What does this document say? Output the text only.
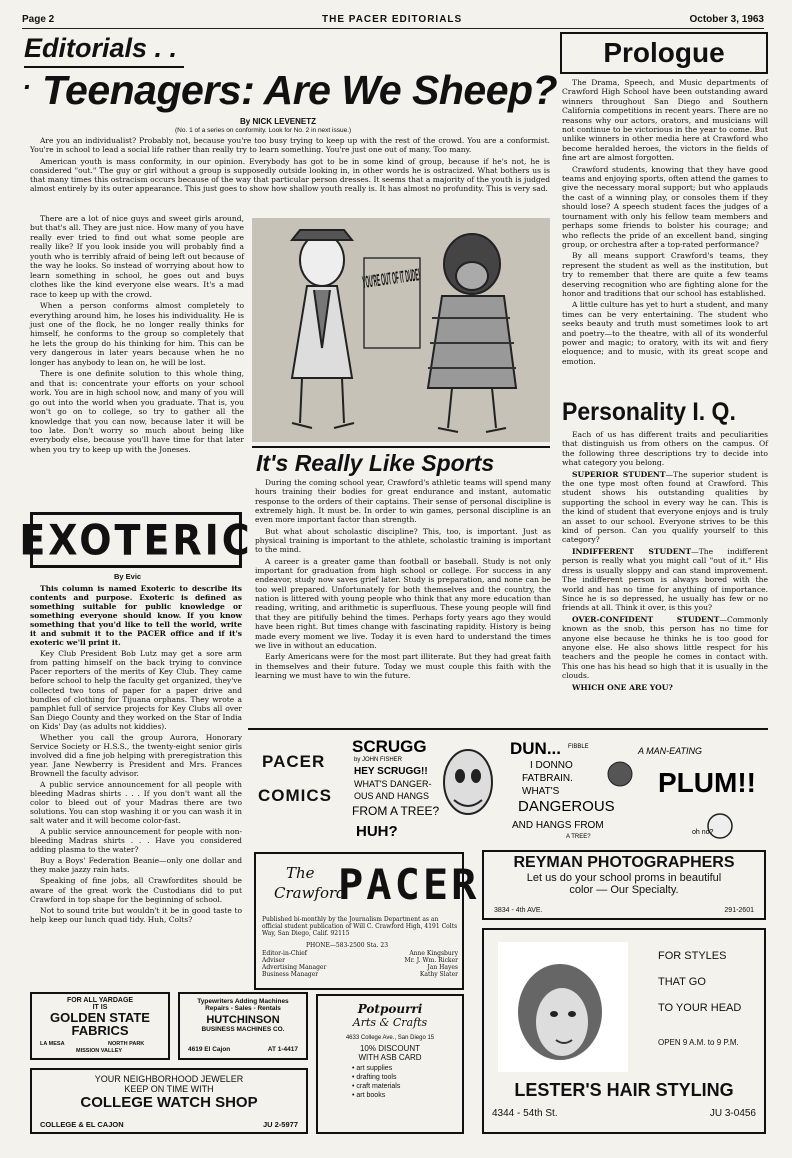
Page 2	THE PACER EDITORIALS	October 3, 1963
Editorials . . . Teenagers: Are We Sheep?
By NICK LEVENETZ
(No. 1 of a series on conformity. Look for No. 2 in next issue.)

Are you an individualist? Probably not, because you're too busy trying to keep up with the rest of the crowd. You are a conformist. You're in school to lead a social life rather than really try to learn something. You're just one out of many. Too many.

American youth is mass conformity, in our opinion. Everybody has got to be in some kind of group, because if he's not, he is considered "out." The guy or girl without a group is supposedly outside looking in, in other words he is ostracized. What bothers us is that many times this ostracism occurs because of the way that particular person dresses. It seems that a majority of the youth is judged almost entirely by its outer appearance. This just goes to show how shallow youth really is. It has almost no profundity. This is very sad.

There are a lot of nice guys and sweet girls around, but that's all. They are just nice. How many of you have really ever tried to find out what some people are really like? If you look inside you will probably find a youth who is terribly afraid of being left out because of the way he looks. So instead of worrying about how to learn something in school, he goes out and buys clothes like the kind everyone else wears. It's a mad race to keep up with the crowd.

When a person conforms almost completely to everything around him, he loses his individuality. He is just one of the flock, he no longer really thinks for himself, he conforms to the group so completely that he lets the group do his thinking for him. This can be very dangerous in later years because when he no longer has anybody to lean on, he will be lost.

There is one definite solution to this whole thing, and that is: concentrate your efforts on your school work. You are in high school now, and many of you will go out into the world when you graduate. That is, you won't go on to college, so try to gather all the knowledge that you can now, because later it will be too late. Don't worry so much about being like everybody else, because you'll have time for that later when you try to keep up with the Joneses.

EXOTERIC
By Evic

This column is named Exoteric to describe its contents and purpose. Exoteric is defined as something suitable for public knowledge or something everyone should know. If you know something that you'd like to tell the world, write it and submit it to the PACER office and if it's exoteric we'll print it.

Key Club President Bob Lutz may get a sore arm from patting himself on the back trying to convince Pacer reporters of the merits of Key Club. They came before school to help the faculty get organized, they've collected two tons of paper for a paper drive and bundles of clothing for Tijuana orphans. They wrote a pamphlet full of service projects for Key Clubs all over San Diego County and they worked on the Star of India on Kids' Day (as adults not kiddies).

Whether you call the group Aurora, Honorary Service Society or H.S.S., the twenty-eight senior girls involved did a fine job helping with preregistration this year. Jane Newberry is President and Mrs. Frances Brownell the faculty advisor.

A public service announcement for all people with bleeding Madras shirts . . . If you don't want all the color to bleed out of your Madras there are two solutions. You can stop washing it or you can wash it in salt water and it will become color-fast.

A public service announcement for people with non-bleeding Madras shirts . . . Have you considered adding plasma to the water?

Buy a Boys' Federation Beanie—only one dollar and they make jazzy rain hats.

Speaking of fine jobs, all Crawfordites should be aware of the great work the Custodians did to put Crawford in top shape for the beginning of school.

Not to sound trite but wouldn't it be in good taste to help keep our lunch quad tidy. Huh, Colts?

It's Really Like Sports

During the coming school year, Crawford's athletic teams will spend many hours training their bodies for great endurance and instant, automatic response to the orders of their captains. Their sense of personal discipline is extremely high. It must be. In order to win games, personal discipline is an even more important factor than strength.

But what about scholastic discipline? This, too, is important. Just as physical training is important to the athlete, scholastic training is important to the mind.

A career is a greater game than football or baseball. Study is not only important for graduation from high school or college. For success in any endeavor, study now saves grief later. Study is preparation, and none can be too well prepared. Unfortunately for both themselves and the country, the nation is littered with young people who think that any more education than reading, writing, and arithmetic is superfluous. These young people will find that they are pitifully behind the times. Perhaps forty years ago they would have been right. But times change with fascinating rapidity. History is being made every moment we live. Today it is even hard to understand the times we live in without an education.

Early Americans were for the most part illiterate. But they had great faith in themselves and their future. Today we must couple this faith with the learning we must have to win the future.

Prologue

The Drama, Speech, and Music departments of Crawford High School have been outstanding award winners throughout San Diego and Southern California competitions in recent years. There are no reasons why our actors, orators, and musicians will not continue to be victorious in the year to come. But unlike winners in other media here at Crawford who become heralded heroes, the victors in the fields of fine art are almost forgotten.

Crawford students, knowing that they have good teams and enjoying sports, often attend the games to give the necessary moral support; but who applauds the cast of a winning play, or consoles them if they should lose? A speech student faces the judges of a tournament with only his fellow team members and perhaps some friends to bolster his courage; and who reflects the pride of an excellent band, singing group, or orchestra after a top-rated performance?

By all means support Crawford's teams, they represent the student as well as the institution, but try to remember that there are quite a few teams deserving recognition who are fighting alone for the honor and traditions that our school has established.

A little culture has yet to hurt a student, and many times can be very entertaining. The student who seeks beauty and truth must sometimes look to art and poetry—to the theatre, with all of its wonderful power and magic; to oratory, with its wit and fiery eloquence; and to music, with its great scope and emotion.

Personality I. Q.

Each of us has different traits and peculiarities that distinguish us from others on the campus. Of the following three descriptions try to decide into what category you belong.

SUPERIOR STUDENT—The superior student is the one type most often found at Crawford. This student shows his outstanding qualities by supporting the school in every way he can. This is the kind of student that everyone enjoys and is truly an asset to our school. Everyone strives to be this kind of person. Can you qualify yourself to this category?

INDIFFERENT STUDENT—The indifferent person is really what you might call "out of it." His dress is usually sloppy and can stand improvement. The indifferent person is always bored with the world and has no time for anything of importance. Since he is so depressed, he usually has few or no friends at all. Think it over, is this you?

OVER-CONFIDENT STUDENT—Commonly known as the snob, this person has no time for anyone else because he thinks he is too good for anyone else. He also shows little respect for his teachers and the people he comes in contact with. This one has his head so high that it is usually in the clouds.

WHICH ONE ARE YOU?

PACER
COMICS
SCRUGG
by JOHN FISHER
HEY SCRUGG!!
WHAT'S DANGER-
OUS AND HANGS
FROM A TREE?
HUH?
DUN... FIBBLE
I DONNO
FATBRAIN.
WHAT'S
DANGEROUS
AND HANGS FROM
A TREE?
A MAN-EATING
PLUM!!
oh no?
The
Crawford
PACER
Published bi-monthly by the Journalism Department as an official student publication of Will C. Crawford High, 4191 Colts Way, San Diego, Calif. 92115
PHONE—583-2500 Sta. 23
Editor-in-Chief	Anne Kingsbury
Adviser	Mr. J. Wm. Ricker
Advertising Manager	Jan Hayes
Business Manager	Kathy Slater

REYMAN PHOTOGRAPHERS

Let us do your school proms in beautiful

color — Our Specialty.

3834 - 4th AVE.	291-2601

FOR STYLES

THAT GO

TO YOUR HEAD

OPEN 9 A.M. to 9 P.M.

LESTER'S HAIR STYLING

4344 - 54th St.	JU 3-0456

FOR ALL YARDAGE

IT IS

GOLDEN STATE

FABRICS

LA MESA	NORTH PARK
MISSION VALLEY

Typewriters Adding Machines

Repairs - Sales - Rentals

HUTCHINSON

BUSINESS MACHINES CO.

4619 El Cajon	AT 1-4417

Potpourri

Arts & Crafts

4633 College Ave., San Diego 15

10% DISCOUNT

WITH ASB CARD

• art supplies
• drafting tools
• craft materials
• art books

YOUR NEIGHBORHOOD JEWELER

KEEP ON TIME WITH

COLLEGE WATCH SHOP

COLLEGE & EL CAJON	JU 2-5977
